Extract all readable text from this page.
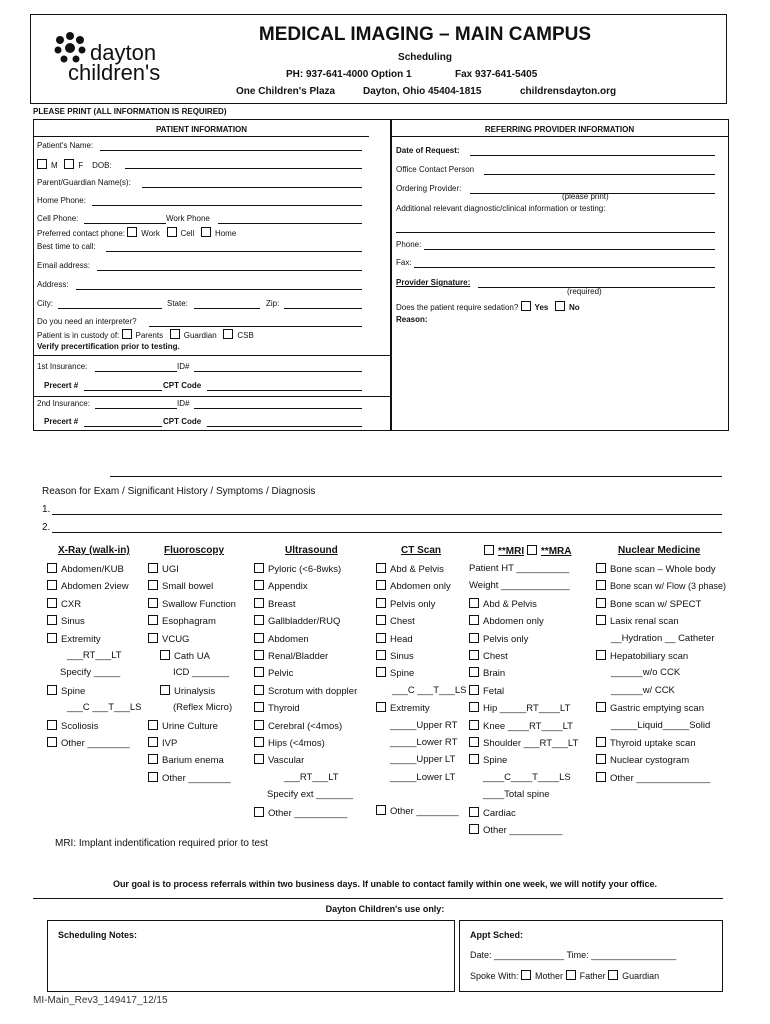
dayton
children's
MEDICAL IMAGING – MAIN CAMPUS
Scheduling
PH: 937-641-4000 Option 1	Fax 937-641-5405
One Children's Plaza	Dayton, Ohio 45404-1815	childrensdayton.org
PLEASE PRINT (ALL INFORMATION IS REQUIRED)
PATIENT INFORMATION	REFERRING PROVIDER INFORMATION
Patient's Name:
M	F DOB:
Parent/Guardian Name(s):
Home Phone:
Cell Phone:	Work Phone
Preferred contact phone: Work	Cell	Home
Best time to call:
Email address:
Address:
City:	State:	Zip:
Do you need an interpreter?
Patient is in custody of: Parents	Guardian	CSB
Verify precertification prior to testing.
1st Insurance:	ID#
Precert #	CPT Code
2nd Insurance:	ID#
Precert #	CPT Code
Date of Request:
Office Contact Person
Ordering Provider:
(please print)
Additional relevant diagnostic/clinical information or testing:
Phone:
Fax:
Provider Signature:
(required)
Does the patient require sedation? Yes	No
Reason:
Reason for Exam / Significant History / Symptoms / Diagnosis
1.
2.
X-Ray (walk-in)	Fluoroscopy	Ultrasound	CT Scan	**MRI **MRA	Nuclear Medicine
Abdomen/KUB
Abdomen 2view
CXR
Sinus
Extremity
___RT___LT
Specify _____
Spine
___C ___T___LS
Scoliosis
Other ________
UGI
Small bowel
Swallow Function
Esophagram
VCUG
Cath UA
ICD _______
Urinalysis
(Reflex Micro)
Urine Culture
IVP
Barium enema
Other ________
Pyloric (<6-8wks)
Appendix
Breast
Gallbladder/RUQ
Abdomen
Renal/Bladder
Pelvic
Scrotum with doppler
Thyroid
Cerebral (<4mos)
Hips (<4mos)
Vascular
___RT___LT
Specify ext _______
Other __________
Abd & Pelvis
Abdomen only
Pelvis only
Chest
Head
Sinus
Spine
___C ___T___LS
Extremity
_____Upper RT
_____Lower RT
_____Upper LT
_____Lower LT
Other ________
Patient HT __________
Weight _____________
Abd & Pelvis
Abdomen only
Pelvis only
Chest
Brain
Fetal
Hip _____RT____LT
Knee ____RT____LT
Shoulder ___RT___LT
Spine
____C____T____LS
____Total spine
Cardiac
Other __________
Bone scan – Whole body
Bone scan w/ Flow (3 phase)
Bone scan w/ SPECT
Lasix renal scan
__Hydration __ Catheter
Hepatobiliary scan
______w/o CCK
______w/ CCK
Gastric emptying scan
_____Liquid_____Solid
Thyroid uptake scan
Nuclear cystogram
Other ______________
MRI: Implant indentification required prior to test
Our goal is to process referrals within two business days. If unable to contact family within one week, we will notify your office.
Dayton Children's use only:
Scheduling Notes:	Appt Sched:
Date: ______________ Time: _________________
Spoke With: Mother Father Guardian
MI-Main_Rev3_149417_12/15
